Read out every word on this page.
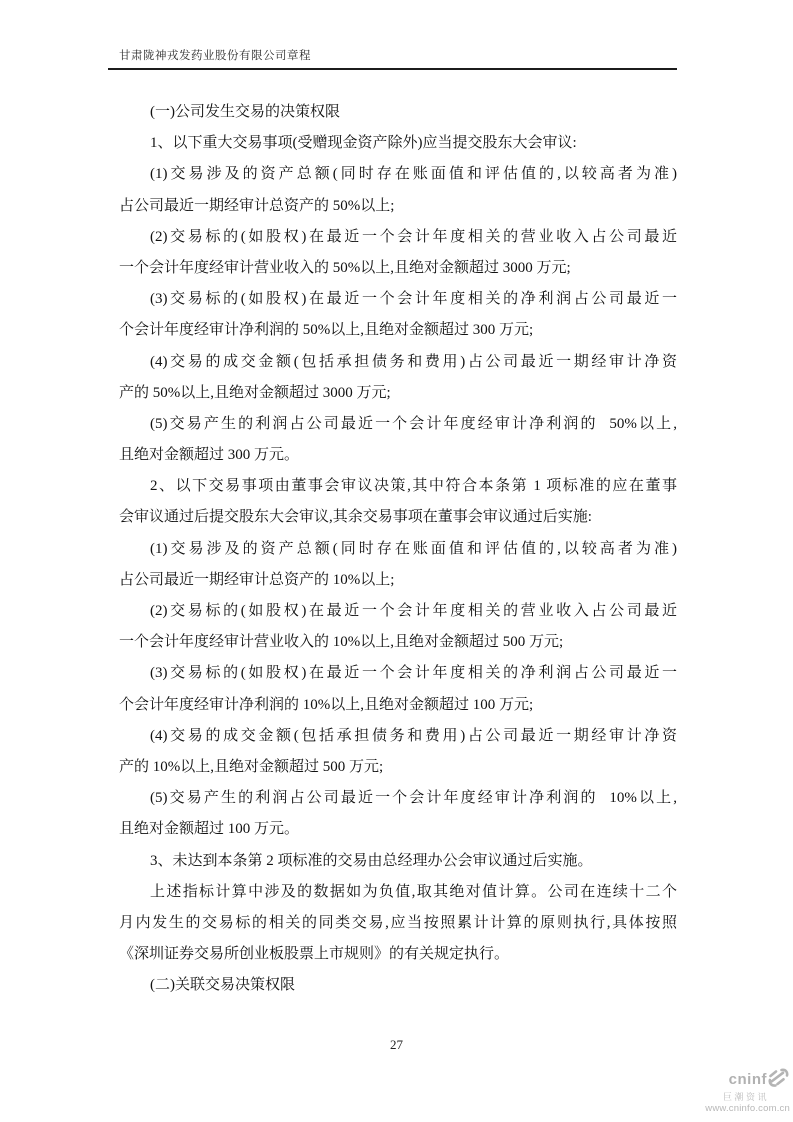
甘肃陇神戎发药业股份有限公司章程
(一)公司发生交易的决策权限
1、以下重大交易事项(受赠现金资产除外)应当提交股东大会审议:
(1)交易涉及的资产总额(同时存在账面值和评估值的,以较高者为准)
占公司最近一期经审计总资产的 50%以上;
(2)交易标的(如股权)在最近一个会计年度相关的营业收入占公司最近
一个会计年度经审计营业收入的 50%以上,且绝对金额超过 3000 万元;
(3)交易标的(如股权)在最近一个会计年度相关的净利润占公司最近一
个会计年度经审计净利润的 50%以上,且绝对金额超过 300 万元;
(4)交易的成交金额(包括承担债务和费用)占公司最近一期经审计净资
产的 50%以上,且绝对金额超过 3000 万元;
(5)交易产生的利润占公司最近一个会计年度经审计净利润的  50%以上,
且绝对金额超过 300 万元。
2、以下交易事项由董事会审议决策,其中符合本条第 1 项标准的应在董事
会审议通过后提交股东大会审议,其余交易事项在董事会审议通过后实施:
(1)交易涉及的资产总额(同时存在账面值和评估值的,以较高者为准)
占公司最近一期经审计总资产的 10%以上;
(2)交易标的(如股权)在最近一个会计年度相关的营业收入占公司最近
一个会计年度经审计营业收入的 10%以上,且绝对金额超过 500 万元;
(3)交易标的(如股权)在最近一个会计年度相关的净利润占公司最近一
个会计年度经审计净利润的 10%以上,且绝对金额超过 100 万元;
(4)交易的成交金额(包括承担债务和费用)占公司最近一期经审计净资
产的 10%以上,且绝对金额超过 500 万元;
(5)交易产生的利润占公司最近一个会计年度经审计净利润的  10%以上,
且绝对金额超过 100 万元。
3、未达到本条第 2 项标准的交易由总经理办公会审议通过后实施。
上述指标计算中涉及的数据如为负值,取其绝对值计算。公司在连续十二个
月内发生的交易标的相关的同类交易,应当按照累计计算的原则执行,具体按照
《深圳证券交易所创业板股票上市规则》的有关规定执行。
(二)关联交易决策权限
27
cninf
巨潮资讯
www.cninfo.com.cn
